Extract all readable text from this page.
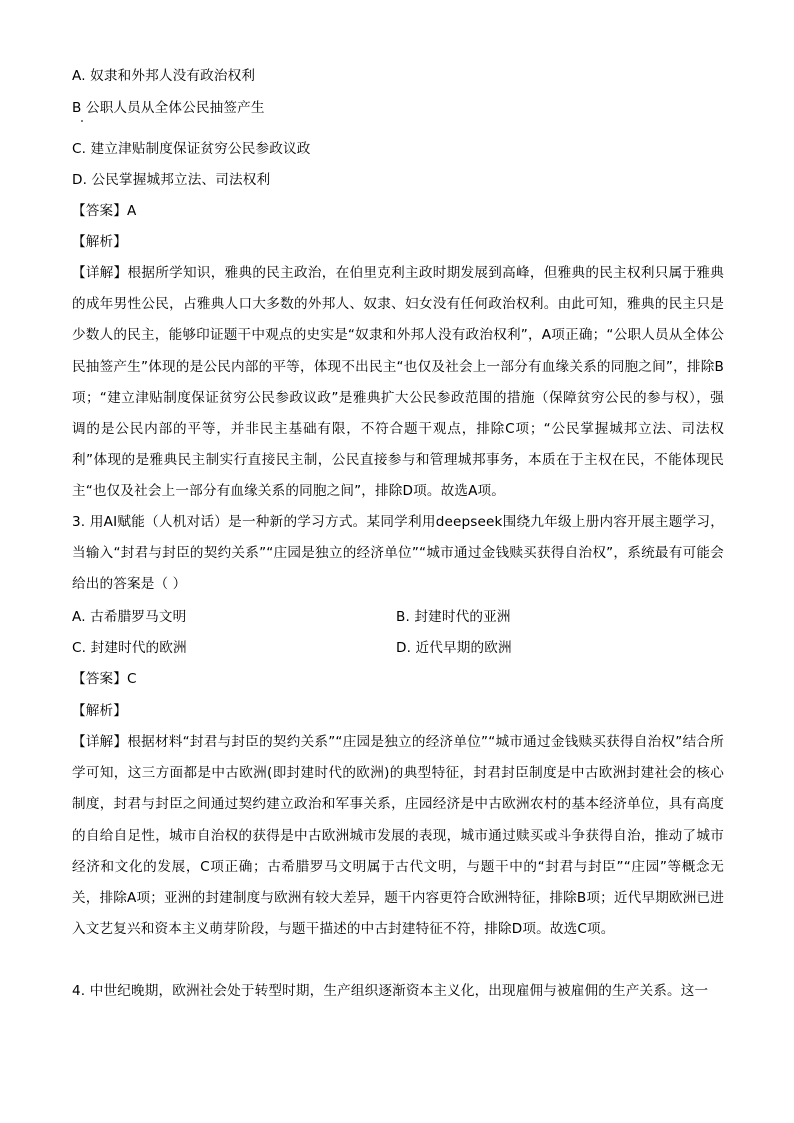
A. 奴隶和外邦人没有政治权利
B 公职人员从全体公民抽签产生
C. 建立津贴制度保证贫穷公民参政议政
D. 公民掌握城邦立法、司法权利
【答案】A
【解析】
【详解】根据所学知识，雅典的民主政治，在伯里克利主政时期发展到高峰，但雅典的民主权利只属于雅典的成年男性公民，占雅典人口大多数的外邦人、奴隶、妇女没有任何政治权利。由此可知，雅典的民主只是少数人的民主，能够印证题干中观点的史实是“奴隶和外邦人没有政治权利”，A项正确；“公职人员从全体公民抽签产生”体现的是公民内部的平等，体现不出民主“也仅及社会上一部分有血缘关系的同胞之间”，排除B项；“建立津贴制度保证贫穷公民参政议政”是雅典扩大公民参政范围的措施（保障贫穷公民的参与权），强调的是公民内部的平等，并非民主基础有限，不符合题干观点，排除C项；“公民掌握城邦立法、司法权利”体现的是雅典民主制实行直接民主制，公民直接参与和管理城邦事务，本质在于主权在民，不能体现民主“也仅及社会上一部分有血缘关系的同胞之间”，排除D项。故选A项。
3. 用AI赋能（人机对话）是一种新的学习方式。某同学利用deepseek围绕九年级上册内容开展主题学习，当输入“封君与封臣的契约关系”“庄园是独立的经济单位”“城市通过金钱赎买获得自治权”，系统最有可能会给出的答案是（ ）
A. 古希腊罗马文明	B. 封建时代的亚洲
C. 封建时代的欧洲	D. 近代早期的欧洲
【答案】C
【解析】
【详解】根据材料“封君与封臣的契约关系”“庄园是独立的经济单位”“城市通过金钱赎买获得自治权”结合所学可知，这三方面都是中古欧洲(即封建时代的欧洲)的典型特征，封君封臣制度是中古欧洲封建社会的核心制度，封君与封臣之间通过契约建立政治和军事关系，庄园经济是中古欧洲农村的基本经济单位，具有高度的自给自足性，城市自治权的获得是中古欧洲城市发展的表现，城市通过赎买或斗争获得自治，推动了城市经济和文化的发展，C项正确；古希腊罗马文明属于古代文明，与题干中的“封君与封臣”“庄园”等概念无关，排除A项；亚洲的封建制度与欧洲有较大差异，题干内容更符合欧洲特征，排除B项；近代早期欧洲已进入文艺复兴和资本主义萌芽阶段，与题干描述的中古封建特征不符，排除D项。故选C项。
4. 中世纪晚期，欧洲社会处于转型时期，生产组织逐渐资本主义化，出现雇佣与被雇佣的生产关系。这一
